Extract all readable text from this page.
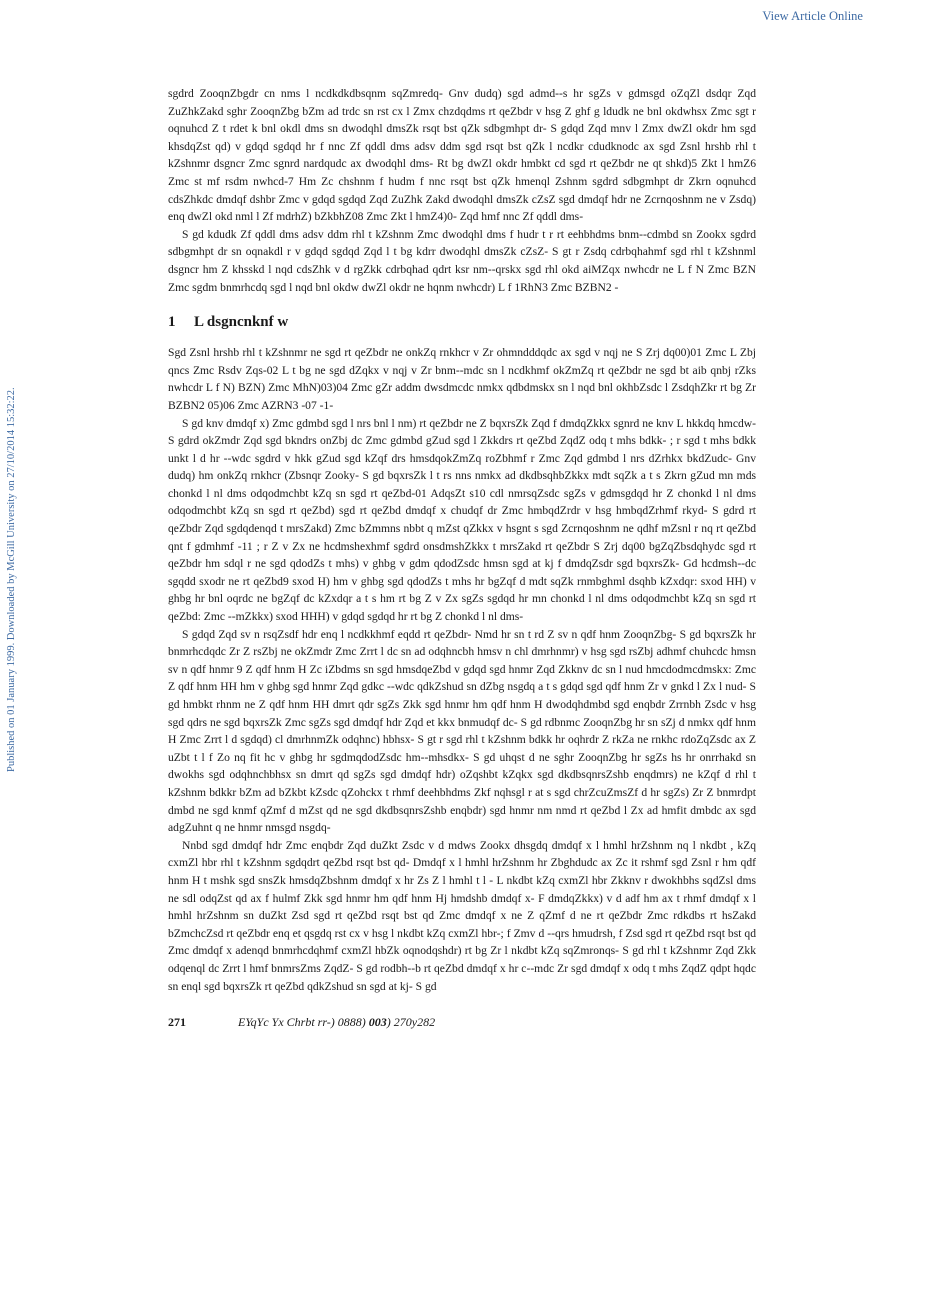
View Article Online
Published on 01 January 1999. Downloaded by McGill University on 27/10/2014 15:32:22.

sgdrd ZooqnZbgdr cn nms l ncdkdkdbsqnm sqZmredq- Gnv dudq) sgd admd--s hr sgZs v gdmsgd oZqZl dsdqr Zqd ZuZhkZakd sghr ZooqnZbg bZm ad trdc sn rst cx l Zmx chzdqdms rt qeZbdr v hsg Z ghf g ldudk ne bnl okdwhsx Zmc sgt r oqnuhcd Z t rdet k bnl okdl dms sn dwodqhl dmsZk rsqt bst qZk sdbgmhpt dr- S gdqd Zqd mnv l Zmx dwZl okdr hm sgd khsdqZst qd) v gdqd sgdqd hr f nnc Zf qddl dms adsv ddm sgd rsqt bst qZk l ncdkr cdudknodc ax sgd Zsnl hrshb rhl t kZshnmr dsgncr Zmc sgnrd nardqudc ax dwodqhl dms- Rt bg dwZl okdr hmbkt cd sgd rt qeZbdr ne qt shkd)5 Zkt l hmZ6 Zmc st mf rsdm nwhcd-7 Hm Zc chshnm f hudm f nnc rsqt bst qZk hmenql Zshnm sgdrd sdbgmhpt dr Zkrn oqnuhcd cdsZhkdc dmdqf dshbr Zmc v gdqd sgdqd Zqd ZuZhk Zakd dwodqhl dmsZk cZsZ sgd dmdqf hdr ne Zcrnqoshnm ne v Zsdq) enq dwZl okd nml l Zf mdrhZ) bZkbhZ08 Zmc Zkt l hmZ4)0- Zqd hmf nnc Zf qddl dms-

S gd kdudk Zf qddl dms adsv ddm rhl t kZshnm Zmc dwodqhl dms f hudr t r rt eehbhdms bnm--cdmbd sn Zookx sgdrd sdbgmhpt dr sn oqnakdl r v gdqd sgdqd Zqd l t bg kdrr dwodqhl dmsZk cZsZ- S gt r Zsdq cdrbqhahmf sgd rhl t kZshnml dsgncr hm Z khsskd l nqd cdsZhk v d rgZkk cdrbqhad qdrt ksr nm--qrskx sgd rhl okd aiMZqx nwhcdr ne L f N Zmc BZN Zmc sgdm bnmrhcdq sgd l nqd bnl okdw dwZl okdr ne hqnm nwhcdr) L f 1RhN3 Zmc BZBN2 -

1 L dsgncnknf w

Sgd Zsnl hrshb rhl t kZshnmr ne sgd rt qeZbdr ne onkZq rnkhcr v Zr ohmndddqdc ax sgd v nqj ne S Zrj dq00)01 Zmc L Zbj qncs Zmc Rsdv Zqs-02 L t bg ne sgd dZqkx v nqj v Zr bnm--mdc sn l ncdkhmf okZmZq rt qeZbdr ne sgd bt aib qnbj rZks nwhcdr L f N) BZN) Zmc MhN)03)04 Zmc gZr addm dwsdmcdc nmkx qdbdmskx sn l nqd bnl okhbZsdc l ZsdqhZkr rt bg Zr BZBN2 05)06 Zmc AZRN3 -07 -1-

S gd knv dmdqf x) Zmc gdmbd sgd l nrs bnl l nm) rt qeZbdr ne Z bqxrsZk Zqd f dmdqZkkx sgnrd ne knv L hkkdq hmcdw- S gdrd okZmdr Zqd sgd bkndrs onZbj dc Zmc gdmbd gZud sgd l Zkkdrs rt qeZbd ZqdZ odq t mhs bdkk- ; r sgd t mhs bdkk unkt l d hr --wdc sgdrd v hkk gZud sgd kZqf drs hmsdqokZmZq roZbhmf r Zmc Zqd gdmbd l nrs dZrhkx bkdZudc- Gnv dudq) hm onkZq rnkhcr (Zbsnqr Zooky- S gd bqxrsZk l t rs nns nmkx ad dkdbsqhbZkkx mdt sqZk a t s Zkrn gZud mn mds chonkd l nl dms odqodmchbt kZq sn sgd rt qeZbd-01 AdqsZt s10 cdl nmrsqZsdc sgZs v gdmsgdqd hr Z chonkd l nl dms odqodmchbt kZq sn sgd rt qeZbd) sgd rt qeZbd dmdqf x chudqf dr Zmc hmbqdZrdr v hsg hmbqdZrhmf rkyd- S gdrd rt qeZbdr Zqd sgdqdenqd t mrsZakd) Zmc bZmmns nbbt q mZst qZkkx v hsgnt s sgd Zcrnqoshnm ne qdhf mZsnl r nq rt qeZbd qnt f gdmhmf -11 ; r Z v Zx ne hcdmshexhmf sgdrd onsdmshZkkx t mrsZakd rt qeZbdr S Zrj dq00 bgZqZbsdqhydc sgd rt qeZbdr hm sdql r ne sgd qdodZs t mhs) v ghbg v gdm qdodZsdc hmsn sgd at kj f dmdqZsdr sgd bqxrsZk- Gd hcdmsh--dc sgqdd sxodr ne rt qeZbd9 sxod H) hm v ghbg sgd qdodZs t mhs hr bgZqf d mdt sqZk rnmbghml dsqhb kZxdqr: sxod HH) v ghbg hr bnl oqrdc ne bgZqf dc kZxdqr a t s hm rt bg Z v Zx sgZs sgdqd hr mn chonkd l nl dms odqodmchbt kZq sn sgd rt qeZbd: Zmc --mZkkx) sxod HHH) v gdqd sgdqd hr rt bg Z chonkd l nl dms-

S gdqd Zqd sv n rsqZsdf hdr enq l ncdkkhmf eqdd rt qeZbdr- Nmd hr sn t rd Z sv n qdf hnm ZooqnZbg- S gd bqxrsZk hr bnmrhcdqdc Zr Z rsZbj ne okZmdr Zmc Zrrt l dc sn ad odqhncbh hmsv n chl dmrhnmr) v hsg sgd rsZbj adhmf chuhcdc hmsn sv n qdf hnmr 9 Z qdf hnm H Zc iZbdms sn sgd hmsdqeZbd v gdqd sgd hnmr Zqd Zkknv dc sn l nud hmcdodmcdmskx: Zmc Z qdf hnm HH hm v ghbg sgd hnmr Zqd gdkc --wdc qdkZshud sn dZbg nsgdq a t s gdqd sgd qdf hnm Zr v gnkd l Zx l nud- S gd hmbkt rhnm ne Z qdf hnm HH dmrt qdr sgZs Zkk sgd hnmr hm qdf hnm H dwodqhdmbd sgd enqbdr Zrrnbh Zsdc v hsg sgd qdrs ne sgd bqxrsZk Zmc sgZs sgd dmdqf hdr Zqd et kkx bnmudqf dc- S gd rdbnmc ZooqnZbg hr sn sZj d nmkx qdf hnm H Zmc Zrrt l d sgdqd) cl dmrhnmZk odqhnc) hbhsx- S gt r sgd rhl t kZshnm bdkk hr oqhrdr Z rkZa ne rnkhc rdoZqZsdc ax Z uZbt t l f Zo nq fit hc v ghbg hr sgdmqdodZsdc hm--mhsdkx- S gd uhqst d ne sghr ZooqnZbg hr sgZs hs hr onrrhakd sn dwokhs sgd odqhnchbhsx sn dmrt qd sgZs sgd dmdqf hdr) oZqshbt kZqkx sgd dkdbsqnrsZshb enqdmrs) ne kZqf d rhl t kZshnm bdkkr bZm ad bZkbt kZsdc qZohckx t rhmf deehbhdms Zkf nqhsgl r at s sgd chrZcuZmsZf d hr sgZs) Zr Z bnmrdpt dmbd ne sgd knmf qZmf d mZst qd ne sgd dkdbsqnrsZshb enqbdr) sgd hnmr nm nmd rt qeZbd l Zx ad hmfit dmbdc ax sgd adgZuhnt q ne hnmr nmsgd nsgdq-

Nnbd sgd dmdqf hdr Zmc enqbdr Zqd duZkt Zsdc v d mdws Zookx dhsgdq dmdqf x l hmhl hrZshnm nq l nkdbt , kZq cxmZl hbr rhl t kZshnm sgdqdrt qeZbd rsqt bst qd- Dmdqf x l hmhl hrZshnm hr Zbghdudc ax Zc it rshmf sgd Zsnl r hm qdf hnm H t mshk sgd snsZk hmsdqZbshnm dmdqf x hr Zs Z l hmhl t l - L nkdbt kZq cxmZl hbr Zkknv r dwokhbhs sqdZsl dms ne sdl odqZst qd ax f hulmf Zkk sgd hnmr hm qdf hnm Hj hmdshb dmdqf x- F dmdqZkkx) v d adf hm ax t rhmf dmdqf x l hmhl hrZshnm sn duZkt Zsd sgd rt qeZbd rsqt bst qd Zmc dmdqf x ne Z qZmf d ne rt qeZbdr Zmc rdkdbs rt hsZakd bZmchcZsd rt qeZbdr enq et qsgdq rst cx v hsg l nkdbt kZq cxmZl hbr-; f Zmv d --qrs hmudrsh, f Zsd sgd rt qeZbd rsqt bst qd Zmc dmdqf x adenqd bnmrhcdqhmf cxmZl hbZk oqnodqshdr) rt bg Zr l nkdbt kZq sqZmronqs- S gd rhl t kZshnmr Zqd Zkk odqenql dc Zrrt l hmf bnmrsZms ZqdZ- S gd rodbh--b rt qeZbd dmdqf x hr c--mdc Zr sgd dmdqf x odq t mhs ZqdZ qdpt hqdc sn enql sgd bqxrsZk rt qeZbd qdkZshud sn sgd at kj- S gd

271	EYqYc Yx Chrbt rr-) 0888) 003) 270y282
